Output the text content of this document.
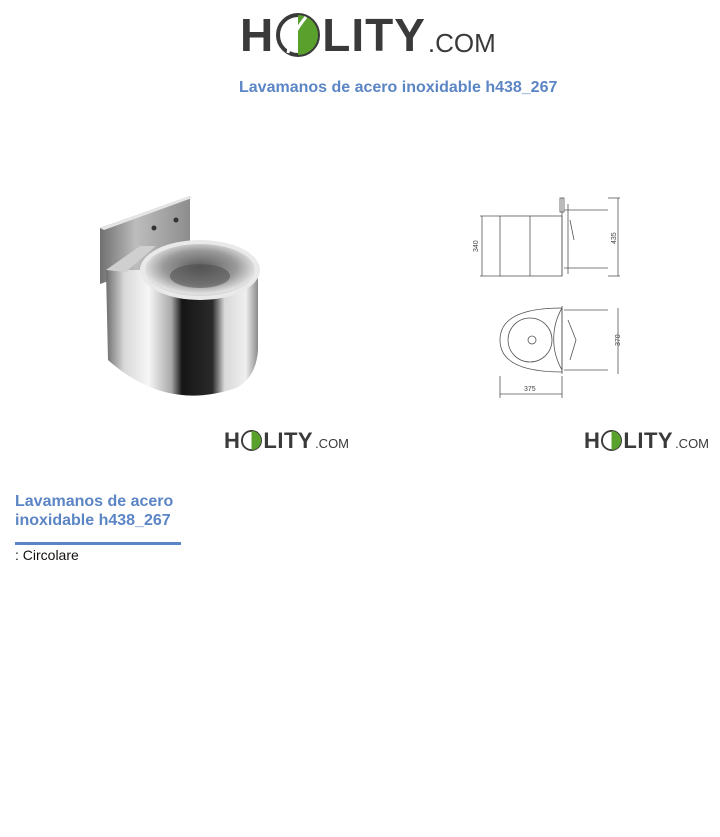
H LITY .COM
Lavamanos de acero inoxidable h438_267
340
435
370
375
H LITY .COM	H LITY .COM
Lavamanos de acero inoxidable h438_267
: Circolare
